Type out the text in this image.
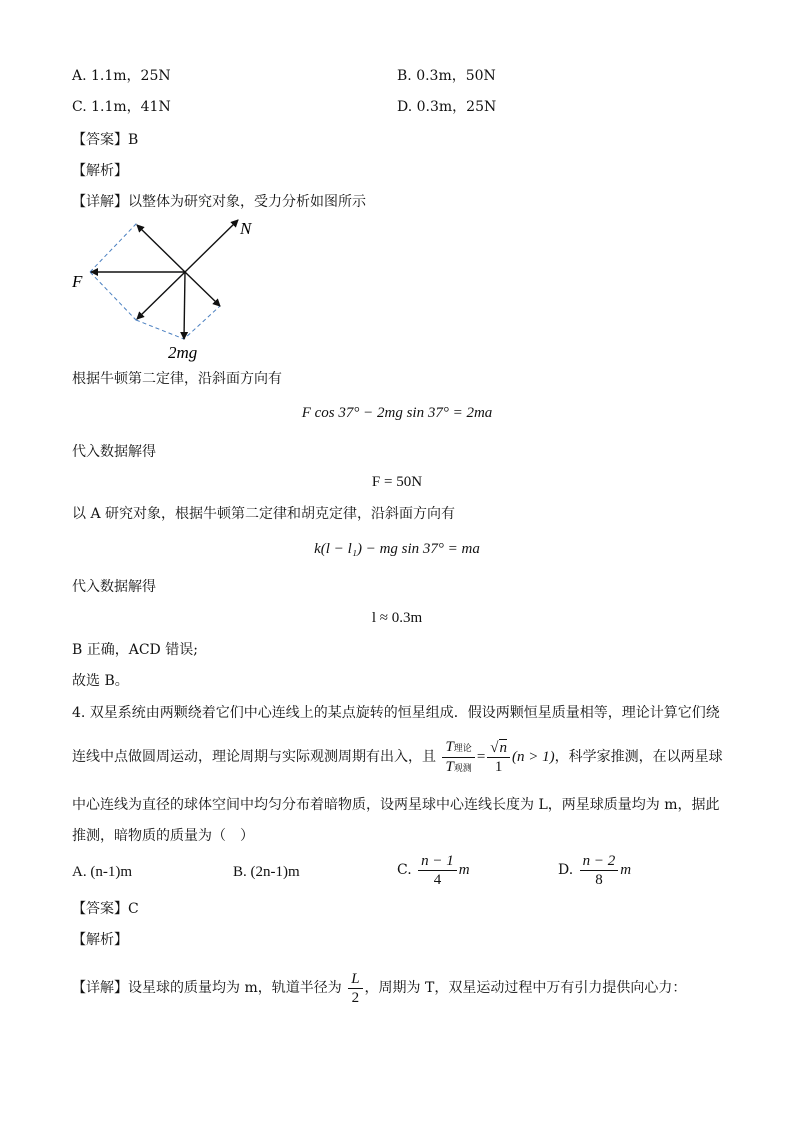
A. 1.1m，25N	B. 0.3m，50N
C. 1.1m，41N	D. 0.3m，25N
【答案】B
【解析】
【详解】以整体为研究对象，受力分析如图所示
N
F
2mg
根据牛顿第二定律，沿斜面方向有
F cos 37° − 2mg sin 37° = 2ma
代入数据解得
F = 50N
以 A 研究对象，根据牛顿第二定律和胡克定律，沿斜面方向有
k(l − l₁) − mg sin 37° = ma
代入数据解得
l ≈ 0.3m
B 正确，ACD 错误;
故选 B。
4. 双星系统由两颗绕着它们中心连线上的某点旋转的恒星组成．假设两颗恒星质量相等，理论计算它们绕
连线中点做圆周运动，理论周期与实际观测周期有出入，且 $\frac{\text{T理论}}{\text{T观测}} = \frac{√n}{1} (n > 1)$，科学家推测，在以两星球
中心连线为直径的球体空间中均匀分布着暗物质，设两星球中心连线长度为 L，两星球质量均为 m，据此
推测，暗物质的质量为（　）
A. (n-1)m	B. (2n-1)m	C. $\frac{n - 1}{4}$ m	D. $\frac{n - 2}{8}$ m
【答案】C
【解析】
【详解】设星球的质量均为 m，轨道半径为 $\frac{L}{2}$ ，周期为 T，双星运动过程中万有引力提供向心力：
